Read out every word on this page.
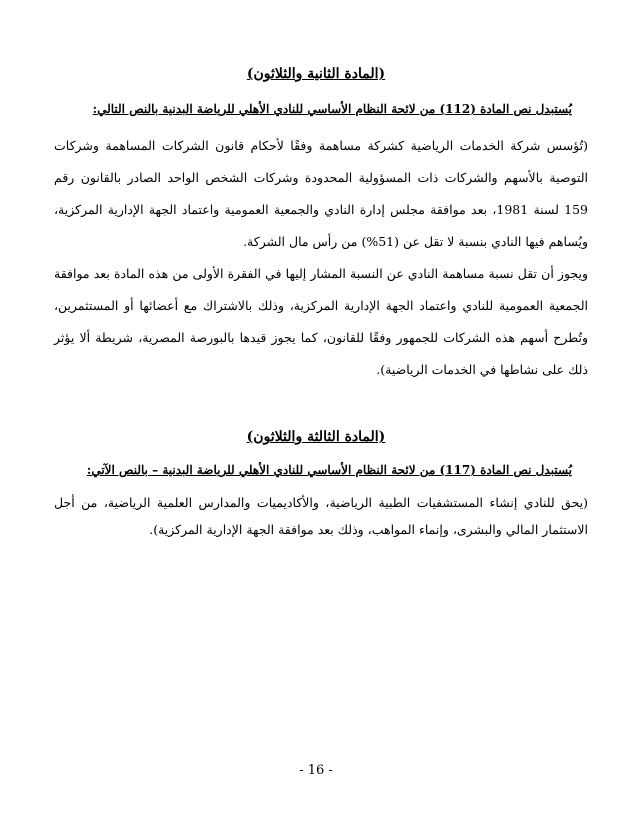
(المادة الثانية والثلاثون)
يُستبدل نص المادة (112) من لائحة النظام الأساسي للنادي الأهلي للرياضة البدنية بالنص التالي:

(تُؤسس شركة الخدمات الرياضية كشركة مساهمة وفقًا لأحكام قانون الشركات المساهمة وشركات التوصية بالأسهم والشركات ذات المسؤولية المحدودة وشركات الشخص الواحد الصادر بالقانون رقم 159 لسنة 1981، بعد موافقة مجلس إدارة النادي والجمعية العمومية واعتماد الجهة الإدارية المركزية، ويُساهم فيها النادي بنسبة لا تقل عن (51%) من رأس مال الشركة.

ويجوز أن تقل نسبة مساهمة النادي عن النسبة المشار إليها في الفقرة الأولى من هذه المادة بعد موافقة الجمعية العمومية للنادي واعتماد الجهة الإدارية المركزية، وذلك بالاشتراك مع أعضائها أو المستثمرين، وتُطرح أسهم هذه الشركات للجمهور وفقًا للقانون، كما يجوز قيدها بالبورصة المصرية، شريطة ألا يؤثر ذلك على نشاطها في الخدمات الرياضية).

(المادة الثالثة والثلاثون)
يُستبدل نص المادة (117) من لائحة النظام الأساسي للنادي الأهلي للرياضة البدنية – بالنص الآتي:

(يحق للنادي إنشاء المستشفيات الطبية الرياضية، والأكاديميات والمدارس العلمية الرياضية، من أجل الاستثمار المالي والبشرى، وإنماء المواهب، وذلك بعد موافقة الجهة الإدارية المركزية).

- 16 -
